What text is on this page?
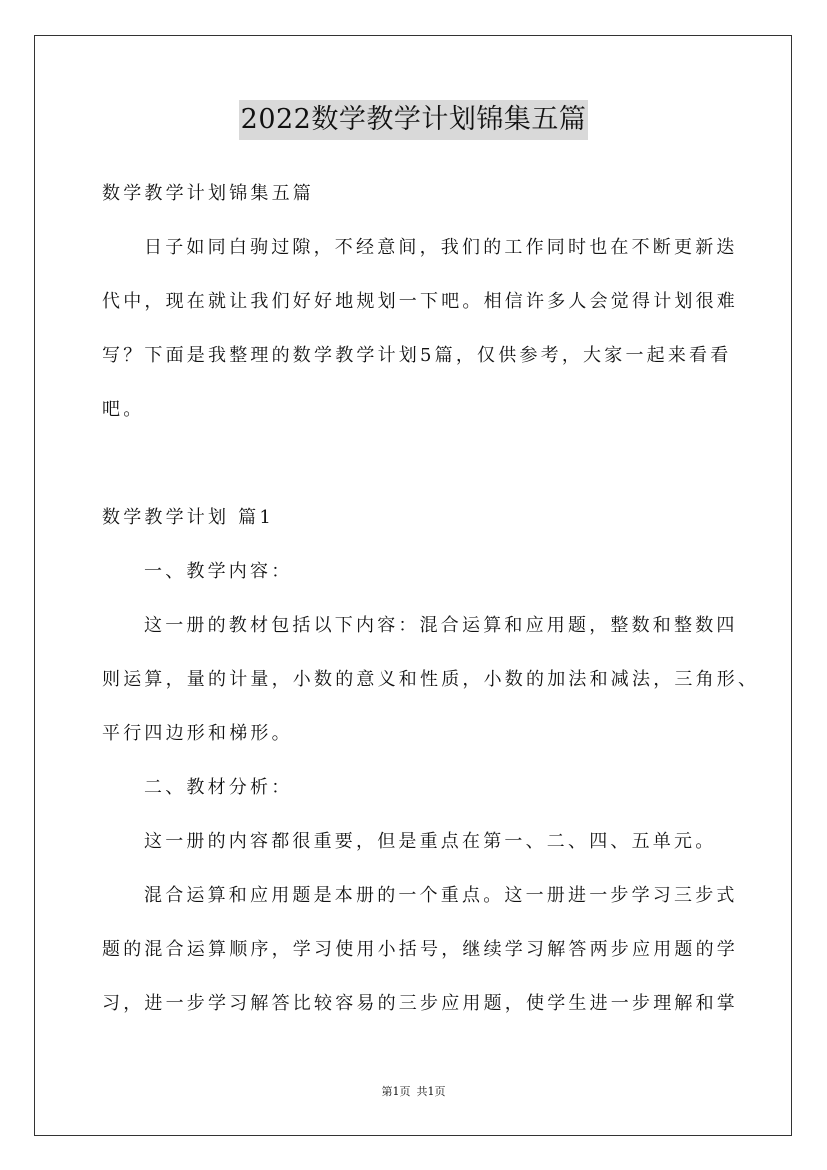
2022数学教学计划锦集五篇
数学教学计划锦集五篇
日子如同白驹过隙，不经意间，我们的工作同时也在不断更新迭
代中，现在就让我们好好地规划一下吧。相信许多人会觉得计划很难
写？下面是我整理的数学教学计划5篇，仅供参考，大家一起来看看
吧。
数学教学计划 篇1
一、教学内容：
这一册的教材包括以下内容：混合运算和应用题，整数和整数四
则运算，量的计量，小数的意义和性质，小数的加法和减法，三角形、
平行四边形和梯形。
二、教材分析：
这一册的内容都很重要，但是重点在第一、二、四、五单元。
混合运算和应用题是本册的一个重点。这一册进一步学习三步式
题的混合运算顺序，学习使用小括号，继续学习解答两步应用题的学
习，进一步学习解答比较容易的三步应用题，使学生进一步理解和掌
第1页 共1页
